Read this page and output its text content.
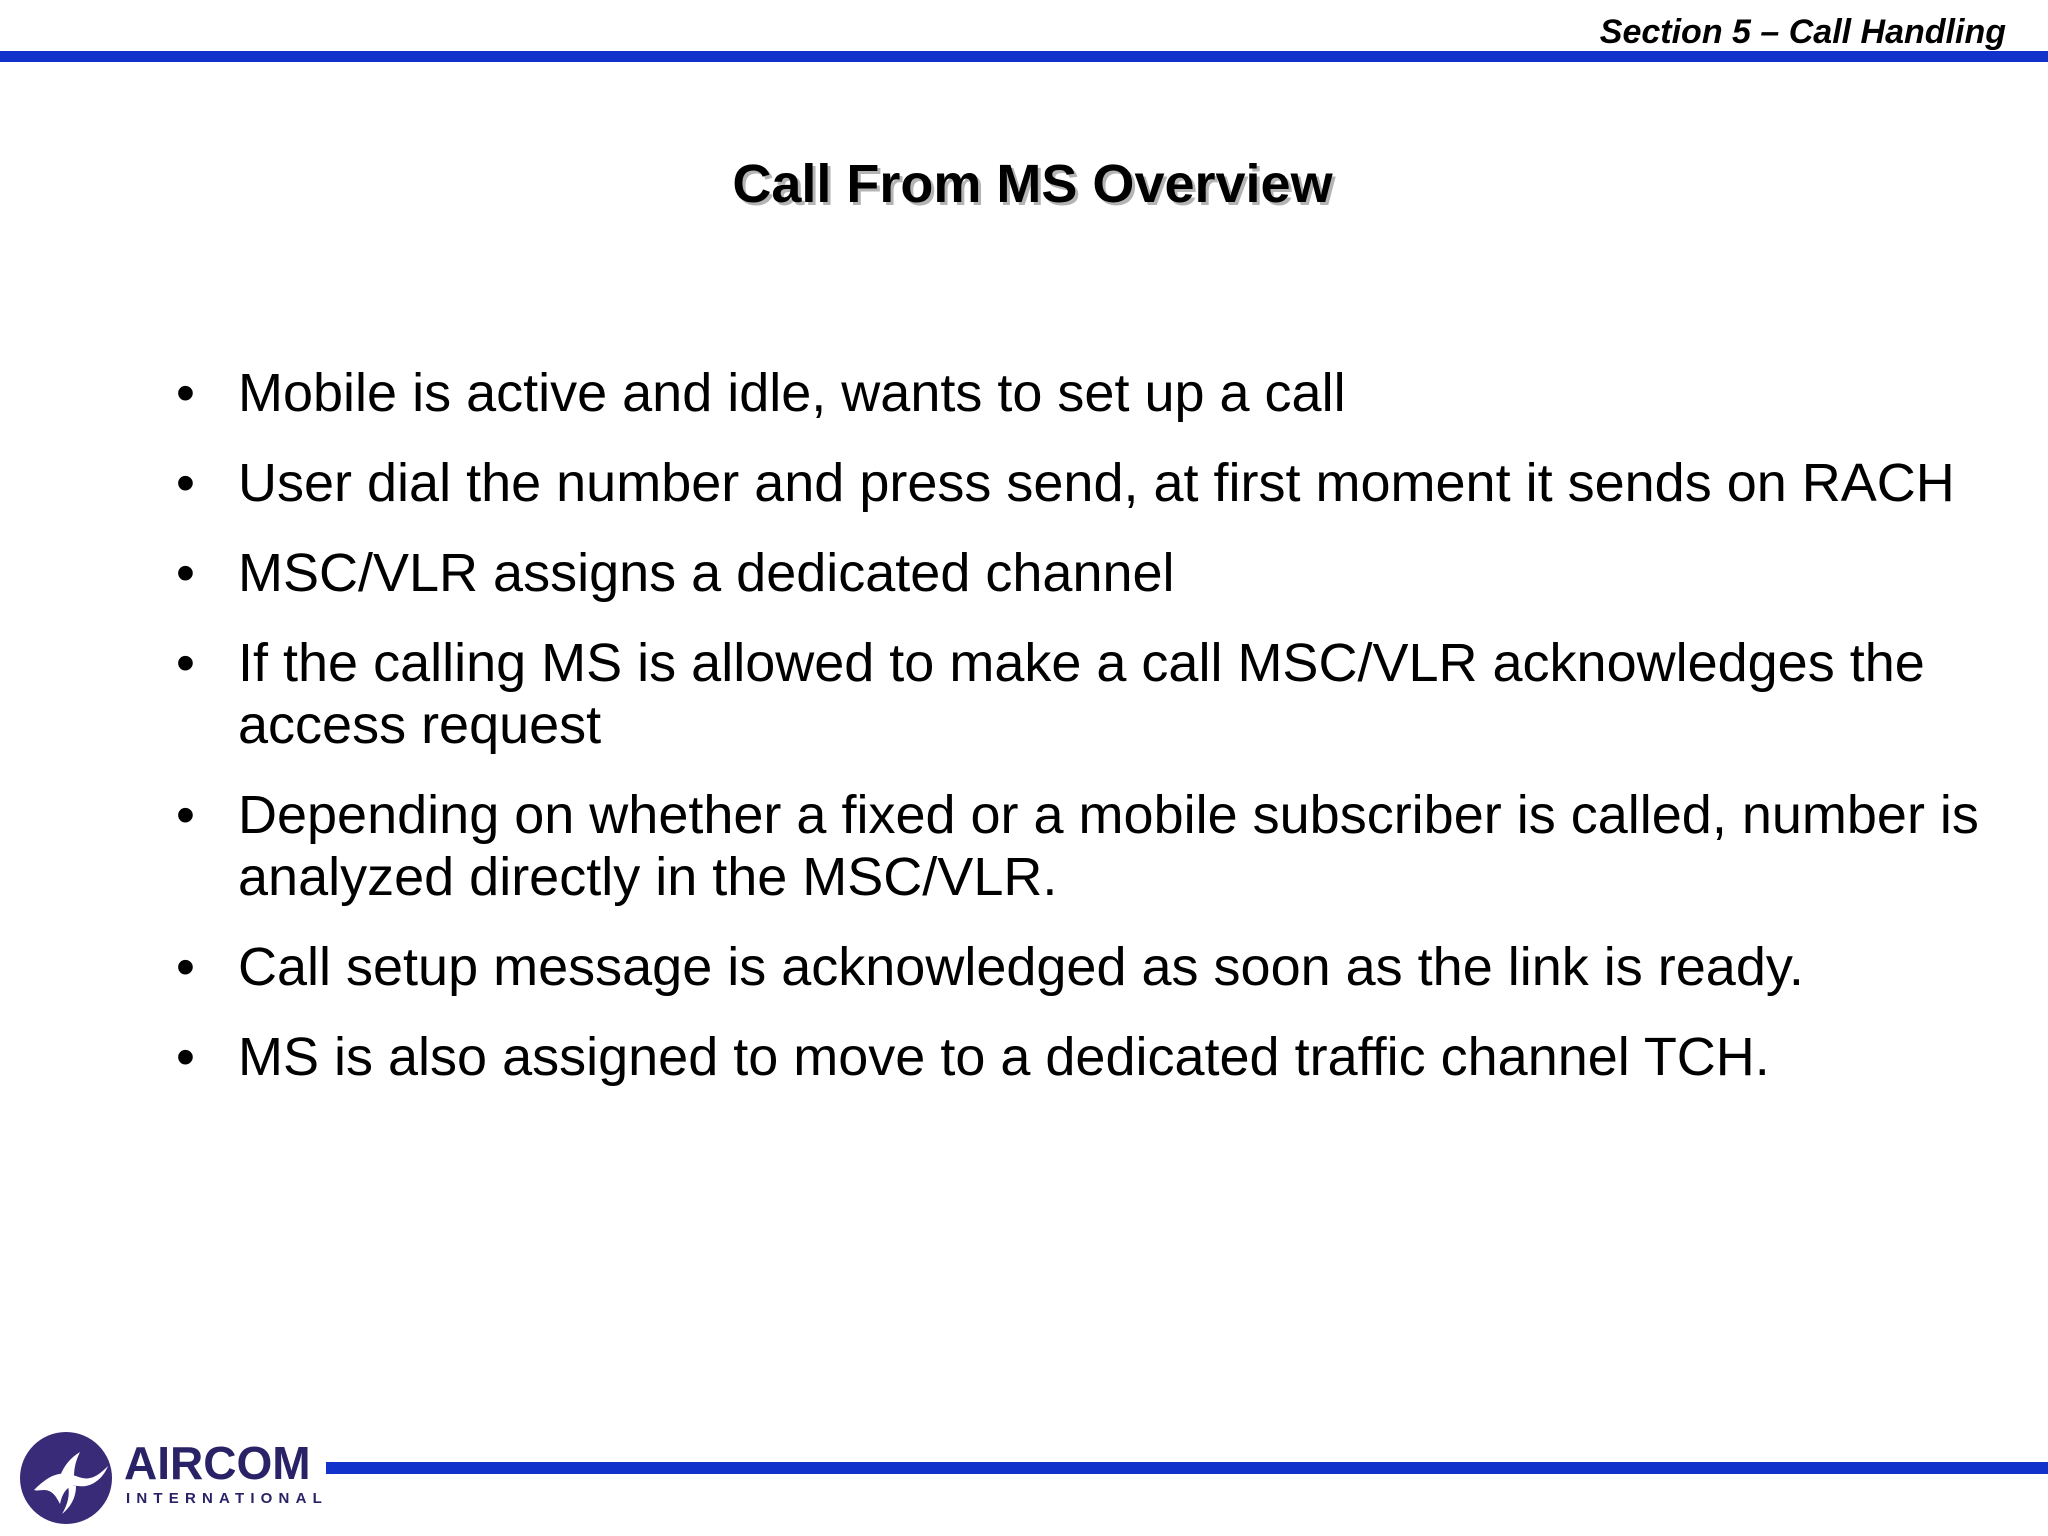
Section 5 – Call Handling
Call From MS Overview
• Mobile is active and idle, wants to set up a call
• User dial the number and press send, at first moment it sends on RACH
• MSC/VLR assigns a dedicated channel
• If the calling MS is allowed to make a call MSC/VLR acknowledges the access request
• Depending on whether a fixed or a mobile subscriber is called, number is analyzed directly in the MSC/VLR.
• Call setup message is acknowledged as soon as the link is ready.
• MS is also assigned to move to a dedicated traffic channel TCH.
AIRCOM
INTERNATIONAL
